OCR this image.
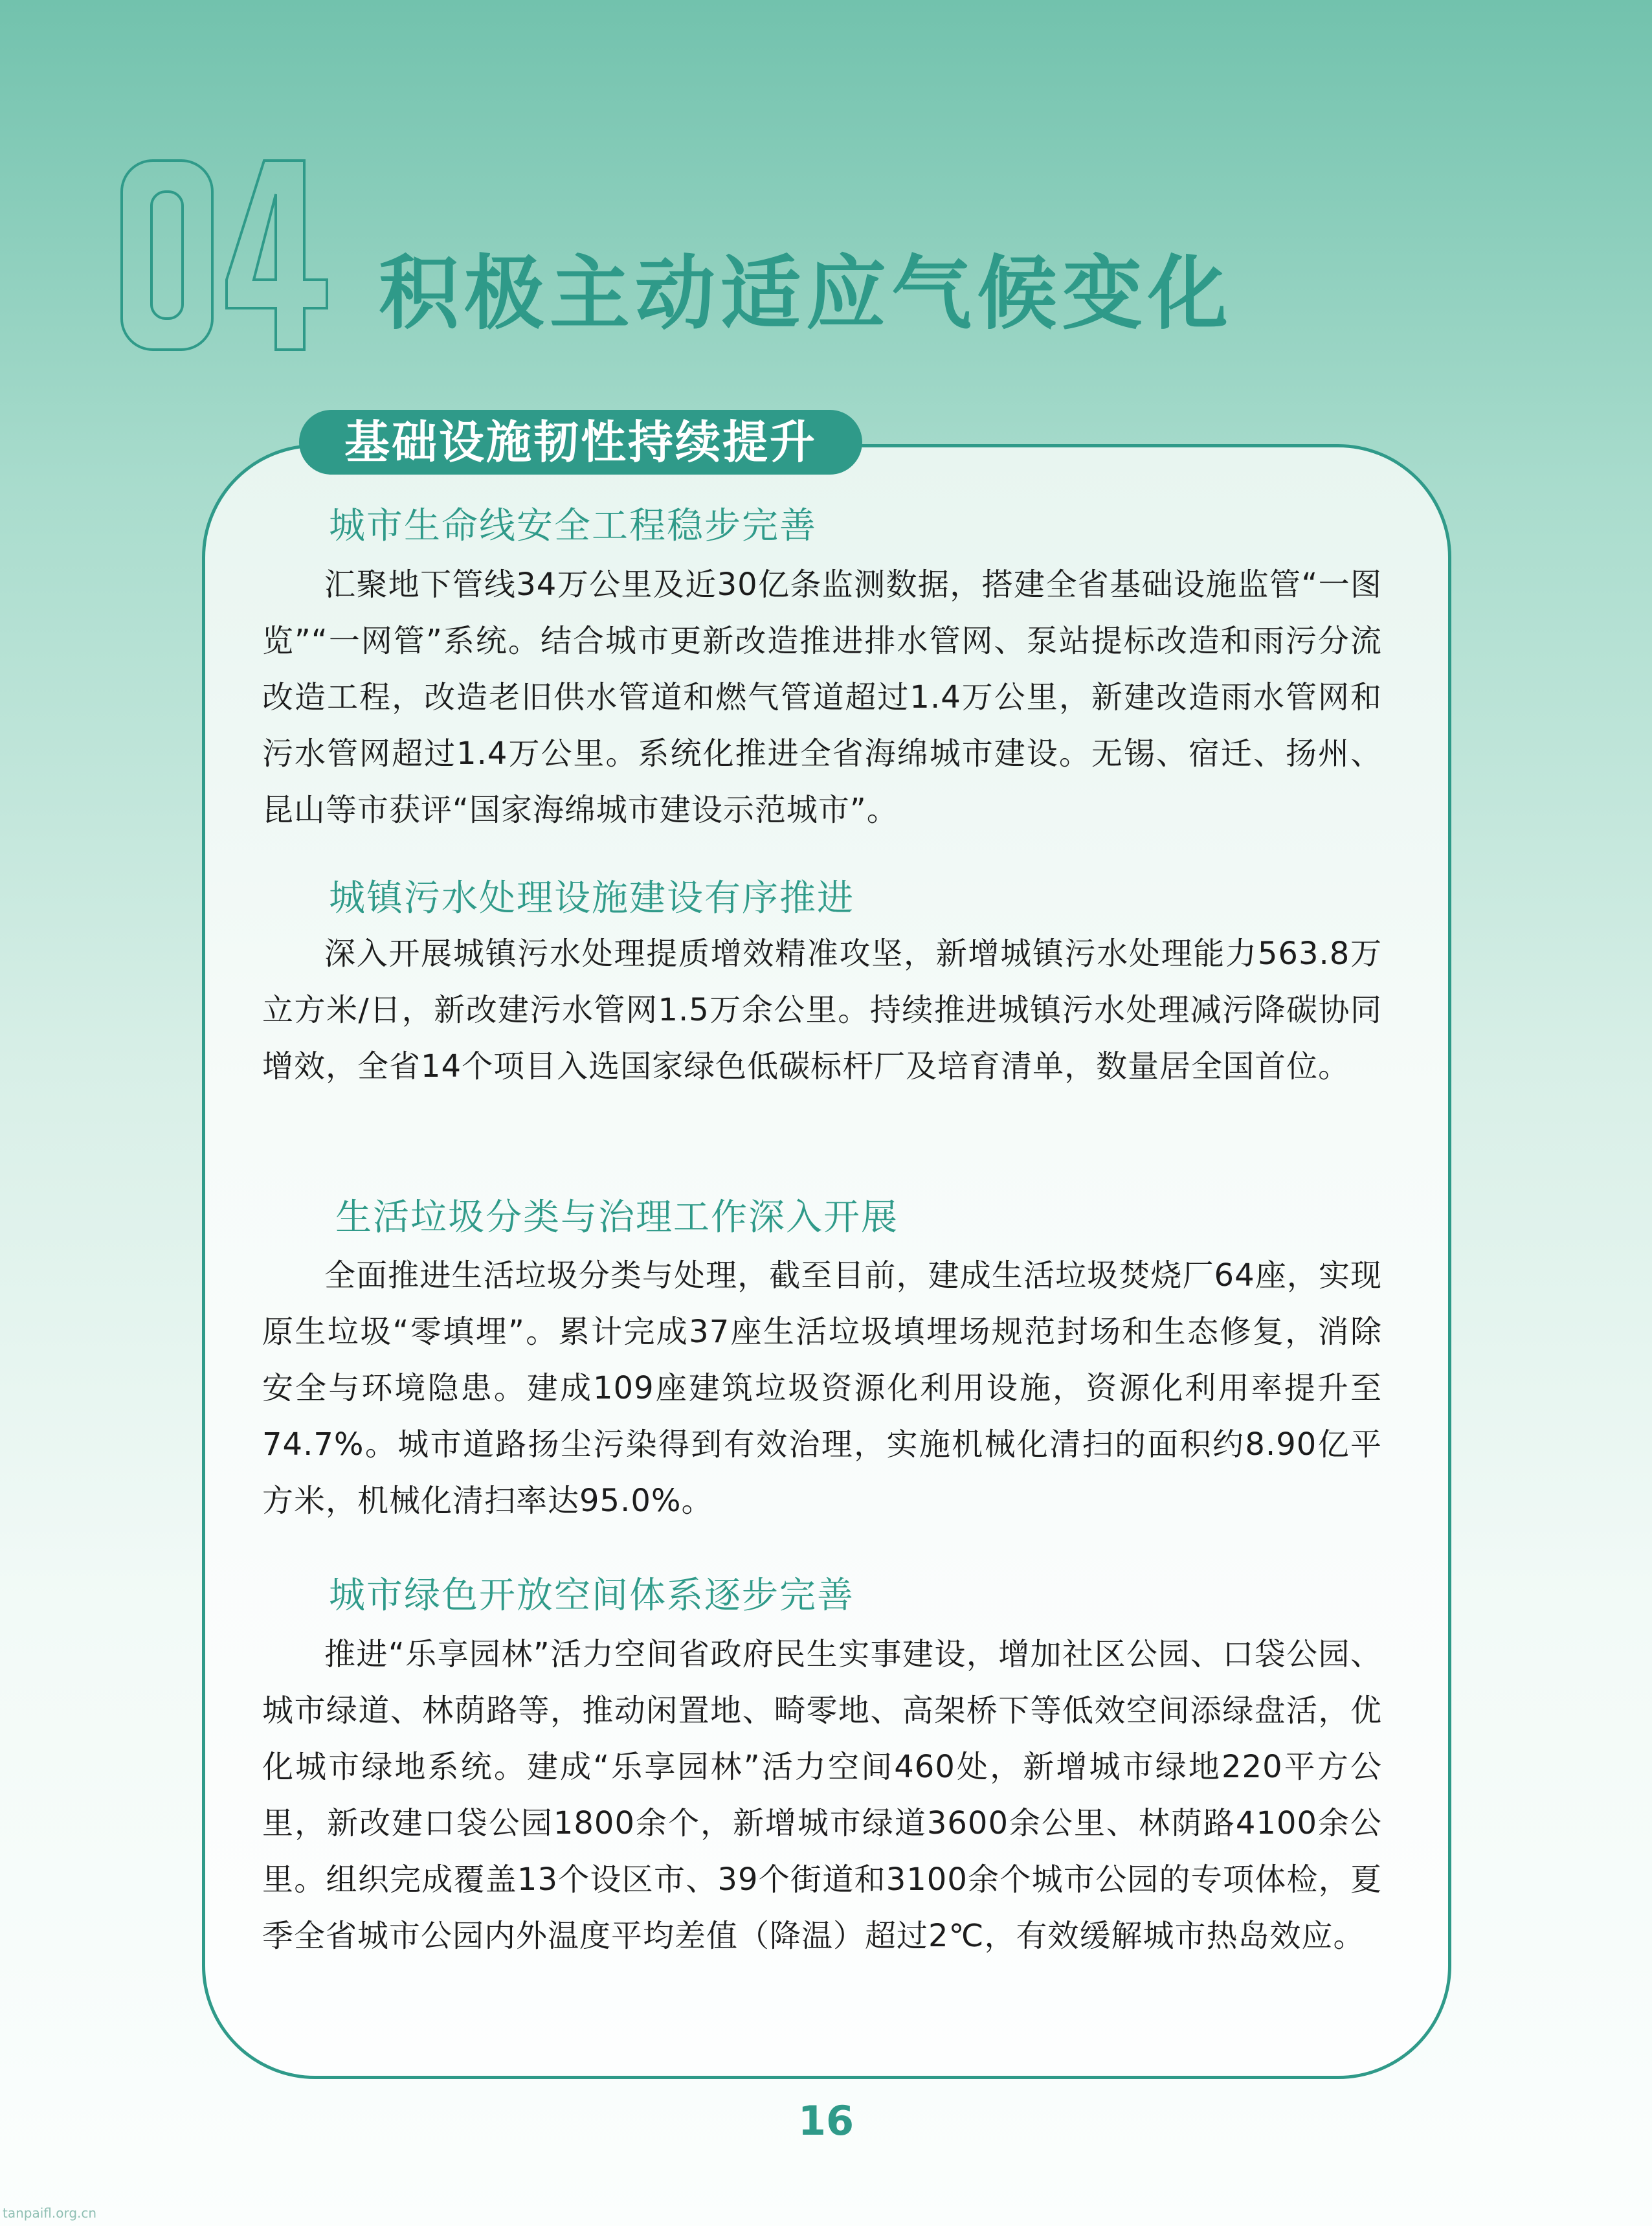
积极主动适应气候变化
基础设施韧性持续提升
城市生命线安全工程稳步完善

汇聚地下管线34万公里及近30亿条监测数据，搭建全省基础设施监管“一图览”“一网管”系统。结合城市更新改造推进排水管网、泵站提标改造和雨污分流改造工程，改造老旧供水管道和燃气管道超过1.4万公里，新建改造雨水管网和污水管网超过1.4万公里。系统化推进全省海绵城市建设。无锡、宿迁、扬州、昆山等市获评“国家海绵城市建设示范城市”。

城镇污水处理设施建设有序推进

深入开展城镇污水处理提质增效精准攻坚，新增城镇污水处理能力563.8万立方米/日，新改建污水管网1.5万余公里。持续推进城镇污水处理减污降碳协同增效，全省14个项目入选国家绿色低碳标杆厂及培育清单，数量居全国首位。

生活垃圾分类与治理工作深入开展

全面推进生活垃圾分类与处理，截至目前，建成生活垃圾焚烧厂64座，实现原生垃圾“零填埋”。累计完成37座生活垃圾填埋场规范封场和生态修复，消除安全与环境隐患。建成109座建筑垃圾资源化利用设施，资源化利用率提升至74.7%。城市道路扬尘污染得到有效治理，实施机械化清扫的面积约8.90亿平方米，机械化清扫率达95.0%。

城市绿色开放空间体系逐步完善

推进“乐享园林”活力空间省政府民生实事建设，增加社区公园、口袋公园、城市绿道、林荫路等，推动闲置地、畸零地、高架桥下等低效空间添绿盘活，优化城市绿地系统。建成“乐享园林”活力空间460处，新增城市绿地220平方公里，新改建口袋公园1800余个，新增城市绿道3600余公里、林荫路4100余公里。组织完成覆盖13个设区市、39个街道和3100余个城市公园的专项体检，夏季全省城市公园内外温度平均差值（降温）超过2℃，有效缓解城市热岛效应。

16
tanpaifl.org.cn
